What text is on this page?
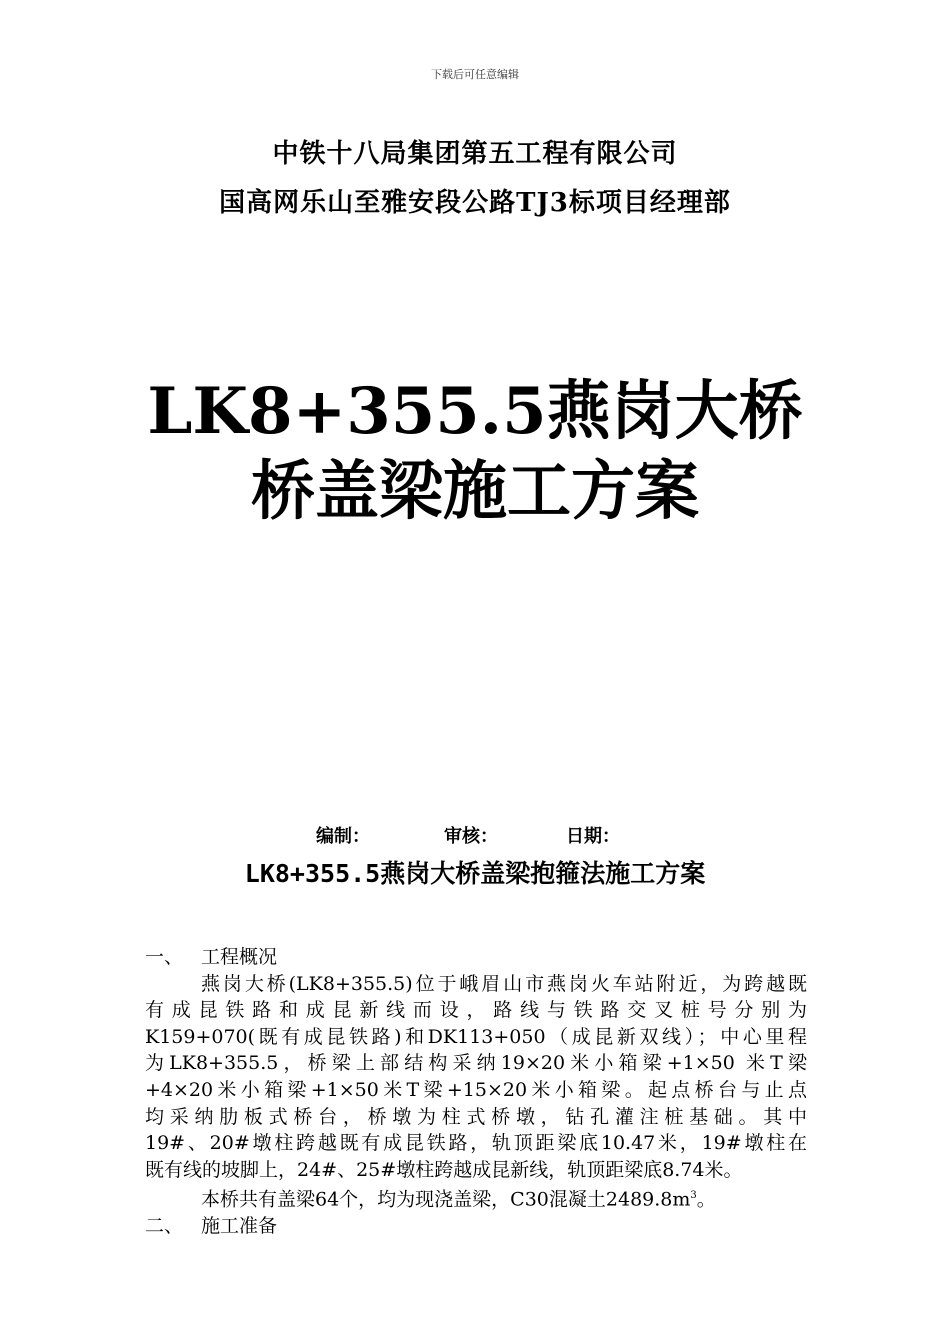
下载后可任意编辑
中铁十八局集团第五工程有限公司
国高网乐山至雅安段公路TJ3标项目经理部
LK8+355.5燕岗大桥
桥盖梁施工方案
编制：	审核：	日期：
LK8+355.5燕岗大桥盖梁抱箍法施工方案
一、 工程概况
燕岗大桥(LK8+355.5)位于峨眉山市燕岗火车站附近，为跨越既
有成昆铁路和成昆新线而设，路线与铁路交叉桩号分别为
K159+070(既有成昆铁路)和DK113+050（成昆新双线）；中心里程
为LK8+355.5，桥梁上部结构采纳19×20米小箱梁+1×50 米T梁
+4×20米小箱梁+1×50米T梁+15×20米小箱梁。起点桥台与止点
均采纳肋板式桥台，桥墩为柱式桥墩，钻孔灌注桩基础。其中
19#、20#墩柱跨越既有成昆铁路，轨顶距梁底10.47米，19#墩柱在
既有线的坡脚上，24#、25#墩柱跨越成昆新线，轨顶距梁底8.74米。
本桥共有盖梁64个，均为现浇盖梁，C30混凝土$2489.8m^3$。
二、 施工准备
